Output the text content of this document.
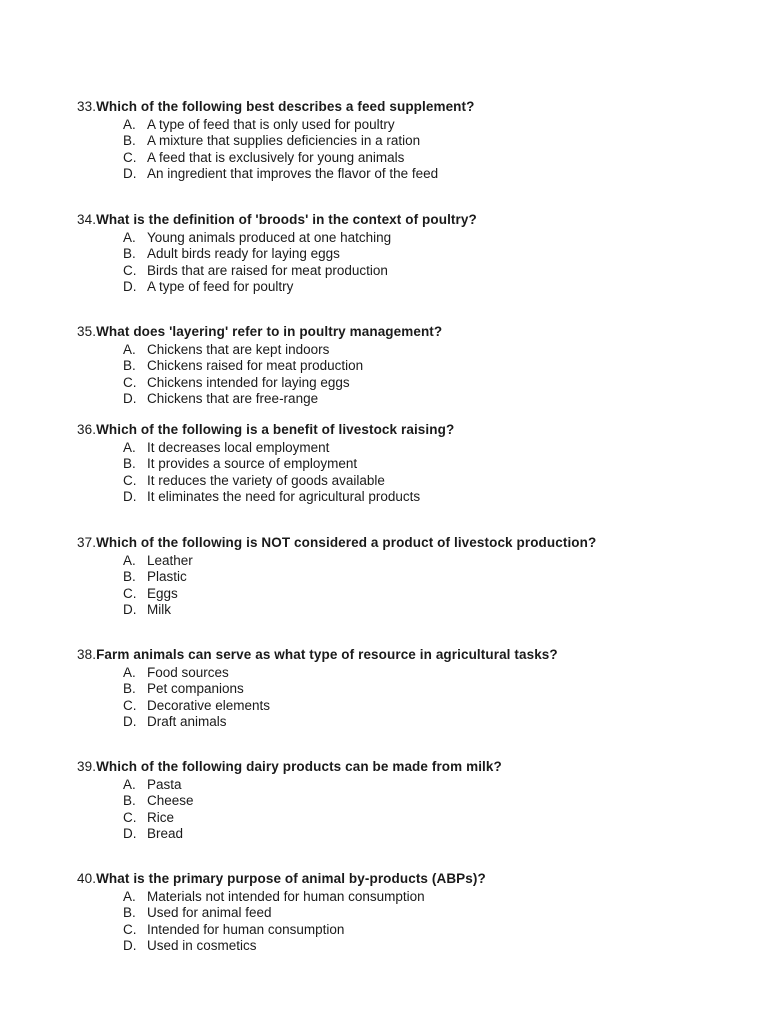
33. Which of the following best describes a feed supplement?
A. A type of feed that is only used for poultry
B. A mixture that supplies deficiencies in a ration
C. A feed that is exclusively for young animals
D. An ingredient that improves the flavor of the feed
34. What is the definition of 'broods' in the context of poultry?
A. Young animals produced at one hatching
B. Adult birds ready for laying eggs
C. Birds that are raised for meat production
D. A type of feed for poultry
35. What does 'layering' refer to in poultry management?
A. Chickens that are kept indoors
B. Chickens raised for meat production
C. Chickens intended for laying eggs
D. Chickens that are free-range
36. Which of the following is a benefit of livestock raising?
A. It decreases local employment
B. It provides a source of employment
C. It reduces the variety of goods available
D. It eliminates the need for agricultural products
37. Which of the following is NOT considered a product of livestock production?
A. Leather
B. Plastic
C. Eggs
D. Milk
38. Farm animals can serve as what type of resource in agricultural tasks?
A. Food sources
B. Pet companions
C. Decorative elements
D. Draft animals
39. Which of the following dairy products can be made from milk?
A. Pasta
B. Cheese
C. Rice
D. Bread
40. What is the primary purpose of animal by-products (ABPs)?
A. Materials not intended for human consumption
B. Used for animal feed
C. Intended for human consumption
D. Used in cosmetics
